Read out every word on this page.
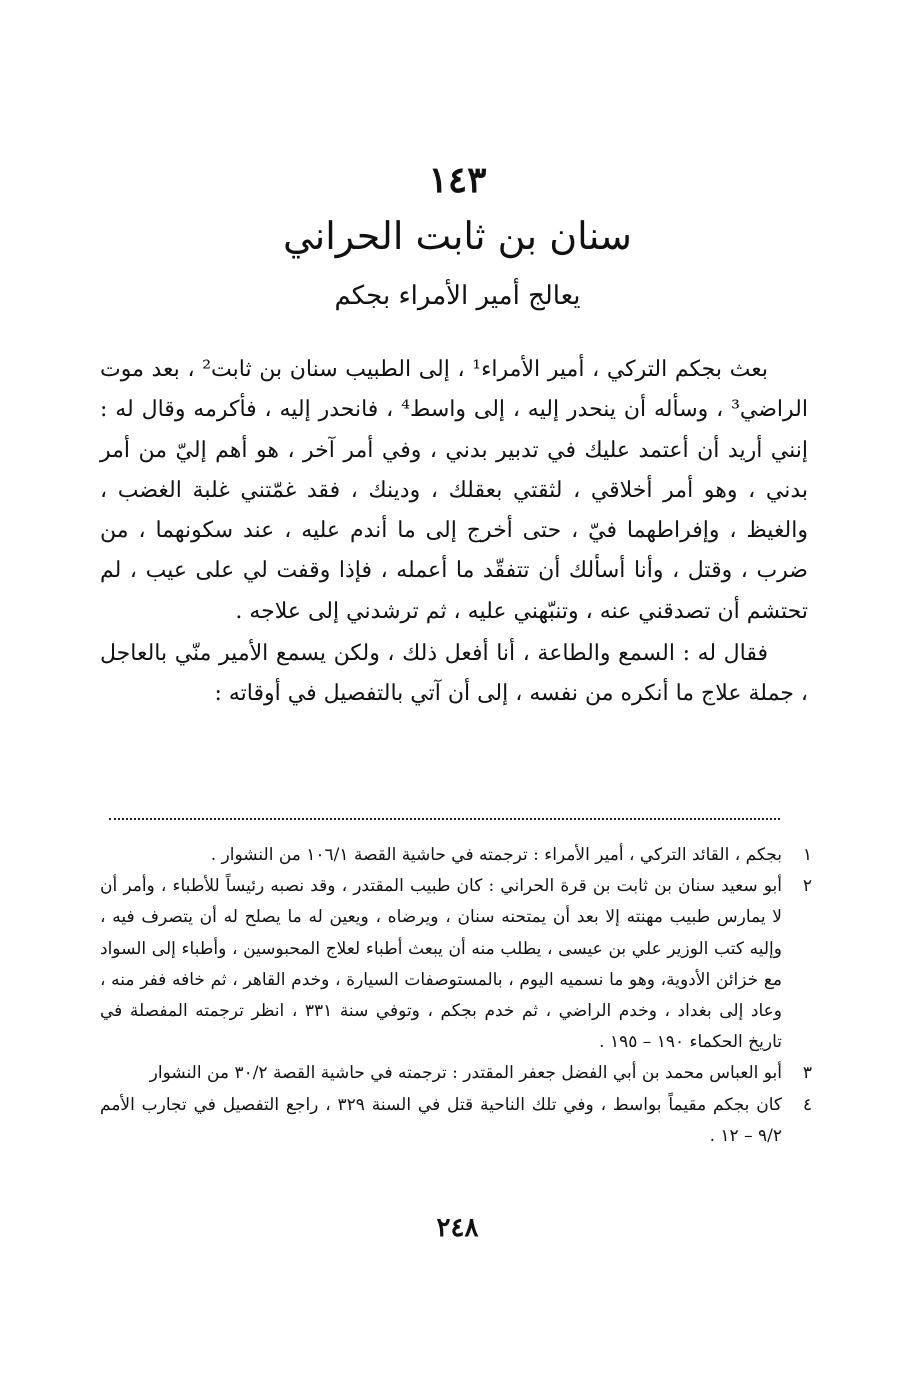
١٤٣
سنان بن ثابت الحراني
يعالج أمير الأمراء بجكم

بعث بجكم التركي ، أمير الأمراء¹ ، إلى الطبيب سنان بن ثابت² ، بعد موت الراضي³ ، وسأله أن ينحدر إليه ، إلى واسط⁴ ، فانحدر إليه ، فأكرمه وقال له : إنني أريد أن أعتمد عليك في تدبير بدني ، وفي أمر آخر ، هو أهم إليّ من أمر بدني ، وهو أمر أخلاقي ، لثقتي بعقلك ، ودينك ، فقد غمّتني غلبة الغضب ، والغيظ ، وإفراطهما فيّ ، حتى أخرج إلى ما أندم عليه ، عند سكونهما ، من ضرب ، وقتل ، وأنا أسألك أن تتفقّد ما أعمله ، فإذا وقفت لي على عيب ، لم تحتشم أن تصدقني عنه ، وتنبّهني عليه ، ثم ترشدني إلى علاجه .

فقال له : السمع والطاعة ، أنا أفعل ذلك ، ولكن يسمع الأمير منّي بالعاجل ، جملة علاج ما أنكره من نفسه ، إلى أن آتي بالتفصيل في أوقاته :

١
بجكم ، القائد التركي ، أمير الأمراء : ترجمته في حاشية القصة ١٠٦/١ من النشوار .
٢
أبو سعيد سنان بن ثابت بن قرة الحراني : كان طبيب المقتدر ، وقد نصبه رئيساً للأطباء ، وأمر أن لا يمارس طبيب مهنته إلا بعد أن يمتحنه سنان ، ويرضاه ، ويعين له ما يصلح له أن يتصرف فيه ، وإليه كتب الوزير علي بن عيسى ، يطلب منه أن يبعث أطباء لعلاج المحبوسين ، وأطباء إلى السواد مع خزائن الأدوية، وهو ما نسميه اليوم ، بالمستوصفات السيارة ، وخدم القاهر ، ثم خافه ففر منه ، وعاد إلى بغداد ، وخدم الراضي ، ثم خدم بجكم ، وتوفي سنة ٣٣١ ، انظر ترجمته المفصلة في تاريخ الحكماء ١٩٠ – ١٩٥ .
٣
أبو العباس محمد بن أبي الفضل جعفر المقتدر : ترجمته في حاشية القصة ٣٠/٢ من النشوار
٤
كان بجكم مقيماً بواسط ، وفي تلك الناحية قتل في السنة ٣٢٩ ، راجع التفصيل في تجارب الأمم ٩/٢ – ١٢ .
٢٤٨
